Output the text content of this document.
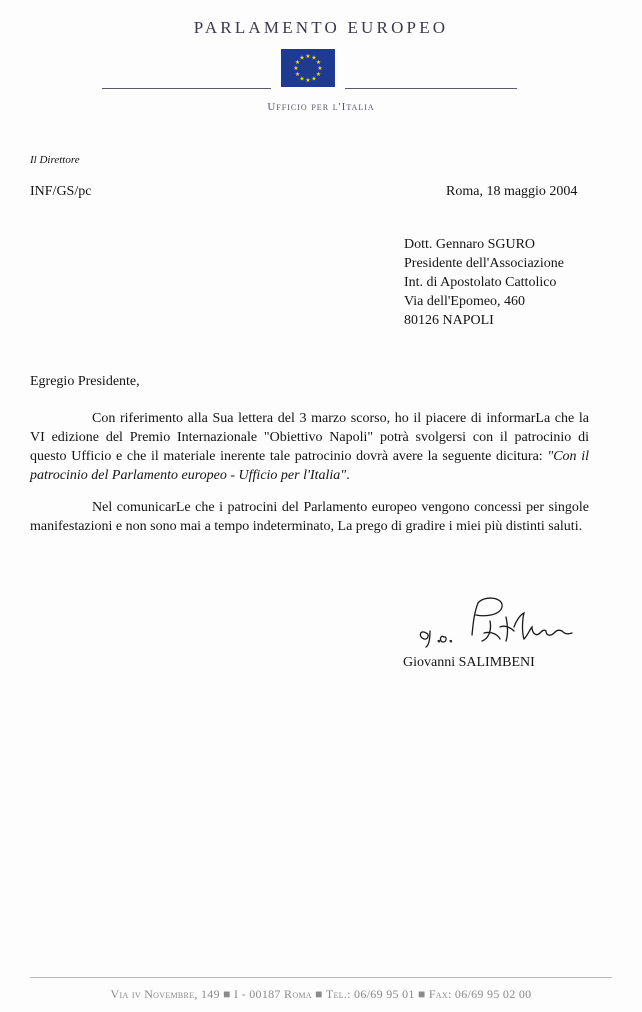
PARLAMENTO EUROPEO
★
★
★
★
★
★
★
★
★ ★ ★
★
Ufficio per l'Italia
Il Direttore
INF/GS/pc	Roma, 18 maggio 2004
Dott. Gennaro SGURO
Presidente dell'Associazione
Int. di Apostolato Cattolico
Via dell'Epomeo, 460
80126 NAPOLI
Egregio Presidente,
Con riferimento alla Sua lettera del 3 marzo scorso, ho il piacere di informarLa che la VI edizione del Premio Internazionale "Obiettivo Napoli" potrà svolgersi con il patrocinio di questo Ufficio e che il materiale inerente tale patrocinio dovrà avere la seguente dicitura: "Con il patrocinio del Parlamento europeo - Ufficio per l'Italia".
Nel comunicarLe che i patrocini del Parlamento europeo vengono concessi per singole manifestazioni e non sono mai a tempo indeterminato, La prego di gradire i miei più distinti saluti.
Giovanni SALIMBENI
Via iv Novembre, 149 ■ I - 00187 Roma ■ Tel.: 06/69 95 01 ■ Fax: 06/69 95 02 00
